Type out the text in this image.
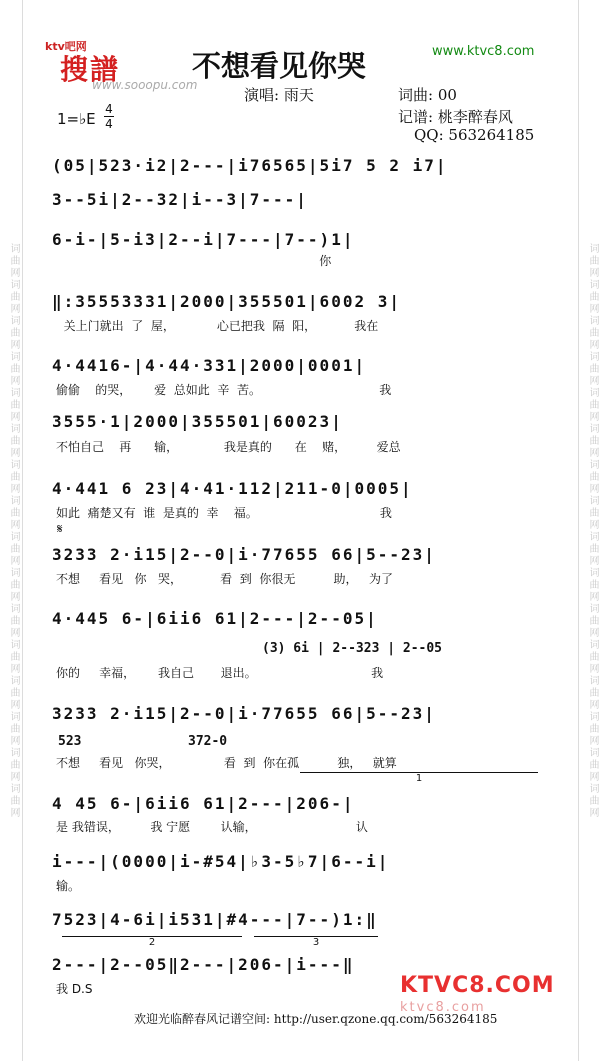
词曲网词曲网词曲网词曲网词曲网词曲网词曲网词曲网词曲网词曲网词曲网词曲网词曲网词曲网词曲网词曲网	词曲网词曲网词曲网词曲网词曲网词曲网词曲网词曲网词曲网词曲网词曲网词曲网词曲网词曲网词曲网词曲网
ktv吧网
搜譜
www.sooopu.com
不想看见你哭	www.ktvc8.com
1=♭E
4
4
演唱: 雨天	词曲: 00
记谱: 桃李醉春风
QQ: 563264185
(05|523·i2|2---|i76565|5i7 5 2 i7|
3--5i|2--32|i--3|7---|
6-i-|5-i3|2--i|7---|7--)1|
你
‖:35553331|2000|355501|6002 3|
关上门就出  了  屋，           心已把我  隔  阳，          我在
4·4416-|4·44·331|2000|0001|
偷偷    的哭，      爱  总如此  辛  苦。                               我
3555·1|2000|355501|60023|
不怕自己    再      输，            我是真的      在    赌，        爱总
4·441 6 23|4·41·112|211-0|0005|
如此  痛楚又有  谁  是真的  幸    福。                                我
𝄋
3233 2·i15|2--0|i·77655 66|5--23|
不想     看见   你   哭，          看  到  你很无          助，   为了
4·445 6-|6ii6 61|2---|2--05|
(3) 6i | 2--323 | 2--05
你的     幸福，      我自己       退出。                              我
3233 2·i15|2--0|i·77655 66|5--23|
523	372-0
不想     看见   你哭，              看  到  你在孤          独，   就算
1
4 45 6-|6ii6 61|2---|206-|
是 我错误，        我 宁愿        认输，                          认
i---|(0000|i-#54|♭3-5♭7|6--i|
输。
7523|4-6i|i531|#4---|7--)1:‖
2	3
2---|2--05‖2---|206-|i---‖
我 D.S	KTVC8.COM
ktvc8.com
欢迎光临醉春风记谱空间: http://user.qzone.qq.com/563264185
